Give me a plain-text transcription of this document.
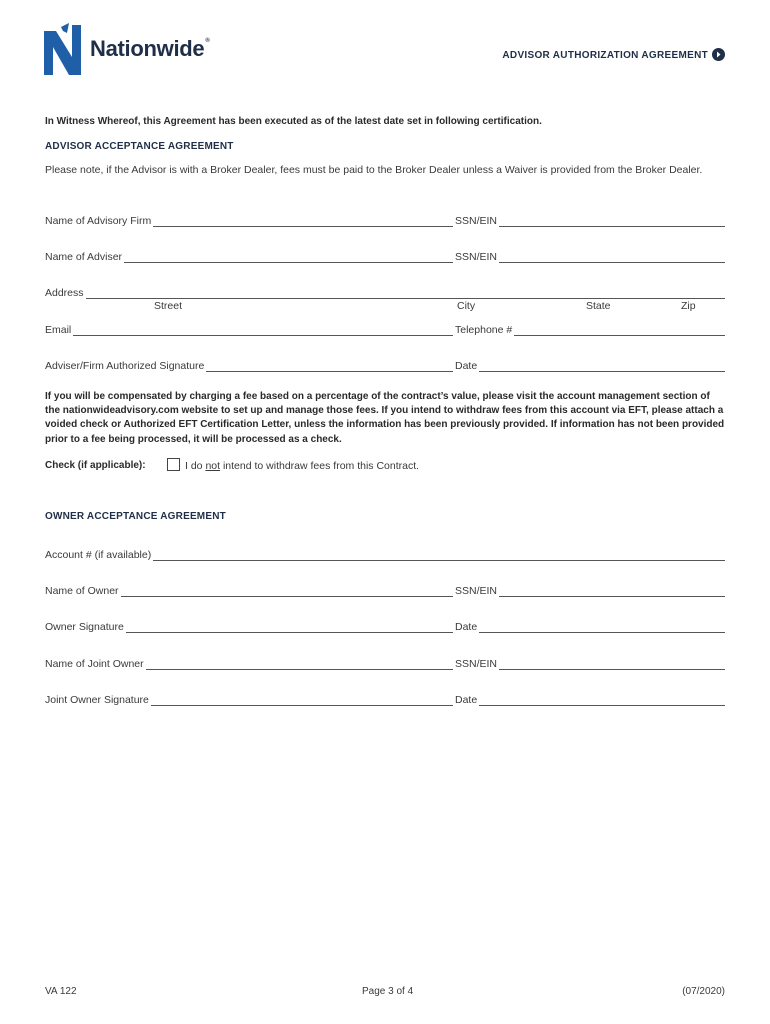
Nationwide®
ADVISOR AUTHORIZATION AGREEMENT
In Witness Whereof, this Agreement has been executed as of the latest date set in following certification.
ADVISOR ACCEPTANCE AGREEMENT
Please note, if the Advisor is with a Broker Dealer, fees must be paid to the Broker Dealer unless a Waiver is provided from the Broker Dealer.
Name of Advisory Firm	SSN/EIN
Name of Adviser	SSN/EIN
Address
Street	City	State	Zip
Email	Telephone #
Adviser/Firm Authorized Signature	Date
If you will be compensated by charging a fee based on a percentage of the contract’s value, please visit the account management section of the nationwideadvisory.com website to set up and manage those fees. If you intend to withdraw fees from this account via EFT, please attach a voided check or Authorized EFT Certification Letter, unless the information has been previously provided. If information has not been provided prior to a fee being processed, it will be processed as a check.
Check (if applicable):	I do not intend to withdraw fees from this Contract.
OWNER ACCEPTANCE AGREEMENT
Account # (if available)
Name of Owner	SSN/EIN
Owner Signature	Date
Name of Joint Owner	SSN/EIN
Joint Owner Signature	Date
VA 122	Page 3 of 4	(07/2020)
